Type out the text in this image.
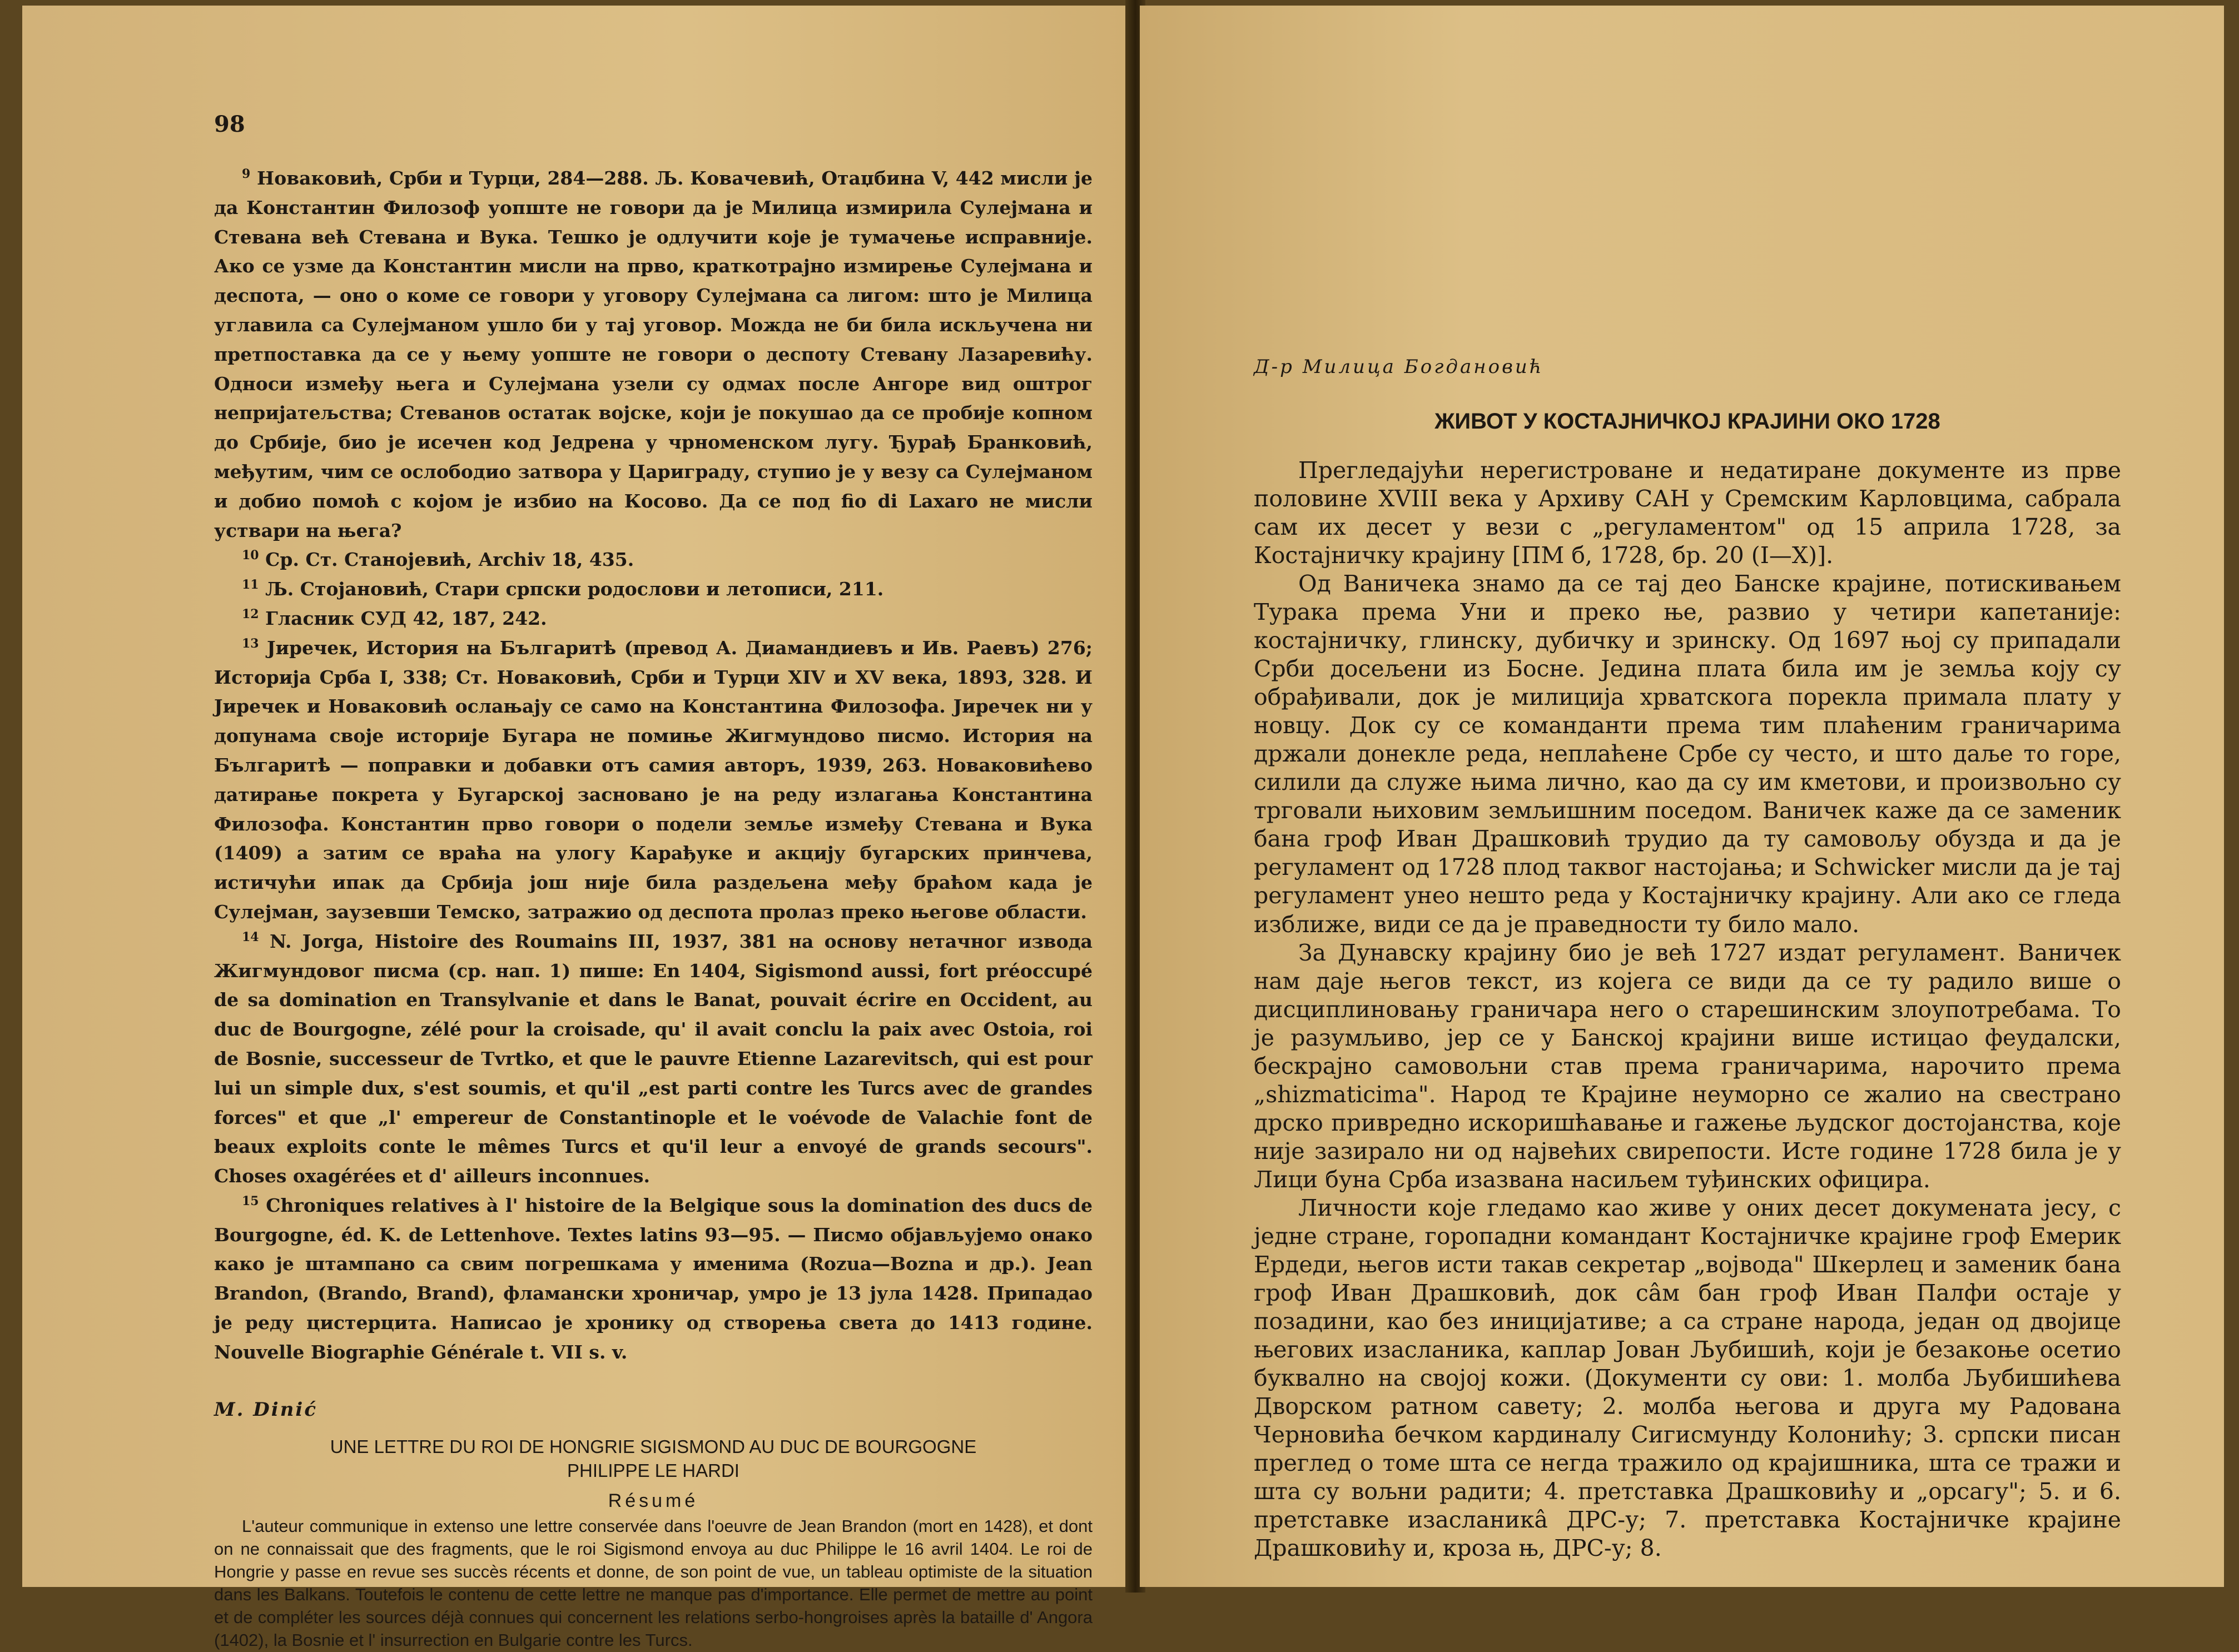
98

$^9$ Новаковић, Срби и Турци, 284—288. Љ. Ковачевић, Отаџбина V, 442 мисли је да Константин Филозоф уопште не говори да је Милица измирила Сулејмана и Стевана већ Стевана и Вука. Тешко је одлучити које је тумачење исправније. Ако се узме да Константин мисли на прво, краткотрајно измирење Сулејмана и деспота, — оно о коме се говори у уговору Сулејмана са лигом: што је Милица углавила са Сулејманом ушло би у тај уговор. Можда не би била искључена ни претпоставка да се у њему уопште не говори о деспоту Стевану Лазаревићу. Односи између њега и Сулејмана узели су одмах после Ангоре вид оштрог непријатељства; Стеванов остатак војске, који је покушао да се пробије копном до Србије, био је исечен код Једрена у чрноменском лугу. Ђурађ Бранковић, међутим, чим се ослободио затвора у Цариграду, ступио је у везу са Сулејманом и добио помоћ с којом је избио на Косово. Да се под fio di Laxaro не мисли уствари на њега?

$^{10}$ Ср. Ст. Станојевић, Archiv 18, 435.

$^{11}$ Љ. Стојановић, Стари српски родослови и летописи, 211.

$^{12}$ Гласник СУД 42, 187, 242.

$^{13}$ Јиречек, История на Българитѣ (превод А. Диамандиевъ и Ив. Раевъ) 276; Историја Срба I, 338; Ст. Новаковић, Срби и Турци XIV и XV века, 1893, 328. И Јиречек и Новаковић ослањају се само на Константина Филозофа. Јиречек ни у допунама своје историје Бугара не помиње Жигмундово писмо. История на Българитѣ — поправки и добавки отъ самия авторъ, 1939, 263. Новаковићево датирање покрета у Бугарској засновано је на реду излагања Константина Филозофа. Константин прво говори о подели земље између Стевана и Вука (1409) а затим се враћа на улогу Карађуке и акцију бугарских принчева, истичући ипак да Србија још није била раздељена међу браћом када је Сулејман, заузевши Темско, затражио од деспота пролаз преко његове области.

$^{14}$ N. Jorga, Histoire des Roumains III, 1937, 381 на основу нетачног извода Жигмундовог писма (ср. нап. 1) пише: En 1404, Sigismond aussi, fort préoccupé de sa domination en Transylvanie et dans le Banat, pouvait écrire en Occident, au duc de Bourgogne, zélé pour la croisade, qu' il avait conclu la paix avec Ostoia, roi de Bosnie, successeur de Tvrtko, et que le pauvre Etienne Lazarevitsch, qui est pour lui un simple dux, s'est soumis, et qu'il „est parti contre les Turcs avec de grandes forces" et que „l' empereur de Constantinople et le voévode de Valachie font de beaux exploits conte le mêmes Turcs et qu'il leur a envoyé de grands secours". Choses oxagérées et d' ailleurs inconnues.

$^{15}$ Chroniques relatives à l' histoire de la Belgique sous la domination des ducs de Bourgogne, éd. K. de Lettenhove. Textes latins 93—95. — Писмо објављујемо онако како је штампано са свим погрешкама у именима (Rozua—Bozna и др.). Jean Brandon, (Brando, Brand), фламански хроничар, умро је 13 јула 1428. Припадао је реду цистерцита. Написао је хронику од створења света до 1413 године. Nouvelle Biographie Générale t. VII s. v.

M. Dinić
UNE LETTRE DU ROI DE HONGRIE SIGISMOND AU DUC DE BOURGOGNE
PHILIPPE LE HARDI
Résumé

L'auteur communique in extenso une lettre conservée dans l'oeuvre de Jean Brandon (mort en 1428), et dont on ne connaissait que des fragments, que le roi Sigismond envoya au duc Philippe le 16 avril 1404. Le roi de Hongrie y passe en revue ses succès récents et donne, de son point de vue, un tableau optimiste de la situation dans les Balkans. Toutefois le contenu de cette lettre ne manque pas d'importance. Elle permet de mettre au point et de compléter les sources déjà connues qui concernent les relations serbo-hongroises après la bataille d' Angora (1402), la Bosnie et l' insurrection en Bulgarie contre les Turcs.

Д-р Милица Богдановић
ЖИВОТ У КОСТАЈНИЧКОЈ КРАЈИНИ ОКО 1728

Прегледајући нерегистроване и недатиране документе из прве половине XVIII века у Архиву САН у Сремским Карловцима, сабрала сам их десет у вези с „регуламентом" од 15 априла 1728, за Костајничку крајину [ПМ б, 1728, бр. 20 (I—X)].

Од Ваничека знамо да се тај део Банске крајине, потискивањем Турака према Уни и преко ње, развио у четири капетаније: костајничку, глинску, дубичку и зринску. Од 1697 њој су припадали Срби досељени из Босне. Једина плата била им је земља коју су обрађивали, док је милиција хрватскога порекла примала плату у новцу. Док су се команданти према тим плаћеним граничарима држали донекле реда, неплаћене Србе су често, и што даље то горе, силили да служе њима лично, као да су им кметови, и произвољно су трговали њиховим земљишним поседом. Ваничек каже да се заменик бана гроф Иван Драшковић трудио да ту самовољу обузда и да је регуламент од 1728 плод таквог настојања; и Schwicker мисли да је тај регуламент унео нешто реда у Костајничку крајину. Али ако се гледа изближе, види се да је праведности ту било мало.

За Дунавску крајину био је већ 1727 издат регуламент. Ваничек нам даје његов текст, из којега се види да се ту радило више о дисциплиновању граничара него о старешинским злоупотребама. То је разумљиво, јер се у Банској крајини више истицао феудалски, бескрајно самовољни став према граничарима, нарочито према „shizmaticima". Народ те Крајине неуморно се жалио на свестрано дрско привредно искоришћавање и гажење људског достојанства, које није зазирало ни од највећих свирепости. Исте године 1728 била је у Лици буна Срба изазвана насиљем туђинских официра.

Личности које гледамо као живе у оних десет докумената јесу, с једне стране, горопадни командант Костајничке крајине гроф Емерик Ердеди, његов исти такав секретар „војвода" Шкерлец и заменик бана гроф Иван Драшковић, док сâм бан гроф Иван Палфи остаје у позадини, као без иницијативе; а са стране народа, један од двојице његових изасланика, каплар Јован Љубишић, који је безакоње осетио буквално на својој кожи. (Документи су ови: 1. молба Љубишићева Дворском ратном савету; 2. молба његова и друга му Радована Черновића бечком кардиналу Сигисмунду Колонићу; 3. српски писан преглед о томе шта се негда тражило од крајишника, шта се тражи и шта су вољни радити; 4. претставка Драшковићу и „орсагу"; 5. и 6. претставке изасланикâ ДРС-у; 7. претставка Костајничке крајине Драшковићу и, кроза њ, ДРС-у; 8.
